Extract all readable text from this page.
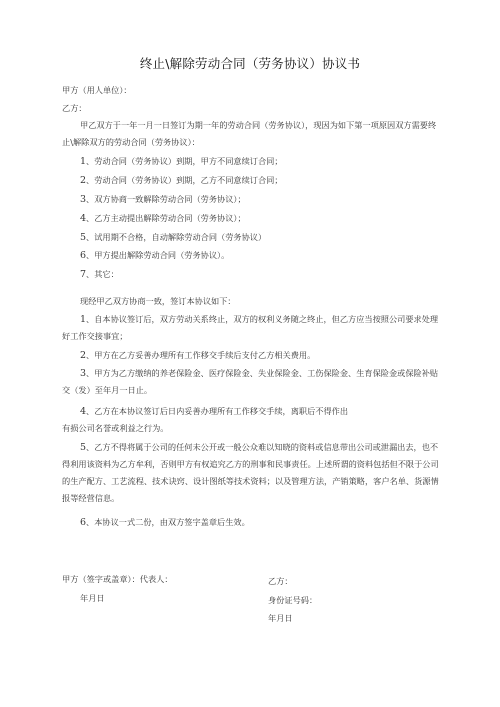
终止\解除劳动合同（劳务协议）协议书
甲方（用人单位）：
乙方：
甲乙双方于一年一月一日签订为期一年的劳动合同（劳务协议），现因为如下第一项原因双方需要终止\解除双方的劳动合同（劳务协议）：
1、劳动合同（劳务协议）到期，甲方不同意续订合同；
2、劳动合同（劳务协议）到期，乙方不同意续订合同；
3、双方协商一致解除劳动合同（劳务协议）；
4、乙方主动提出解除劳动合同（劳务协议）；
5、试用期不合格，自动解除劳动合同（劳务协议）
6、甲方提出解除劳动合同（劳务协议）。
7、其它：
现经甲乙双方协商一致，签订本协议如下：
1、自本协议签订后，双方劳动关系终止，双方的权利义务随之终止，但乙方应当按照公司要求处理好工作交接事宜；
2、甲方在乙方妥善办理所有工作移交手续后支付乙方相关费用。
3、甲方为乙方缴纳的养老保险金、医疗保险金、失业保险金、工伤保险金、生育保险金或保险补贴交（发）至年月一日止。
4、乙方在本协议签订后日内妥善办理所有工作移交手续，离职后不得作出
有损公司名誉或利益之行为。
5、乙方不得将属于公司的任何未公开或一般公众难以知晓的资料或信息带出公司或泄漏出去，也不得利用该资料为乙方牟利，否则甲方有权追究乙方的刑事和民事责任。上述所谓的资料包括但不限于公司的生产配方、工艺流程、技术诀窍、设计图纸等技术资料；以及管理方法，产销策略，客户名单、货源情报等经营信息。
6、本协议一式二份，由双方签字盖章后生效。
甲方（签字或盖章）：代表人：
年月日
乙方：
身份证号码：
年月日
